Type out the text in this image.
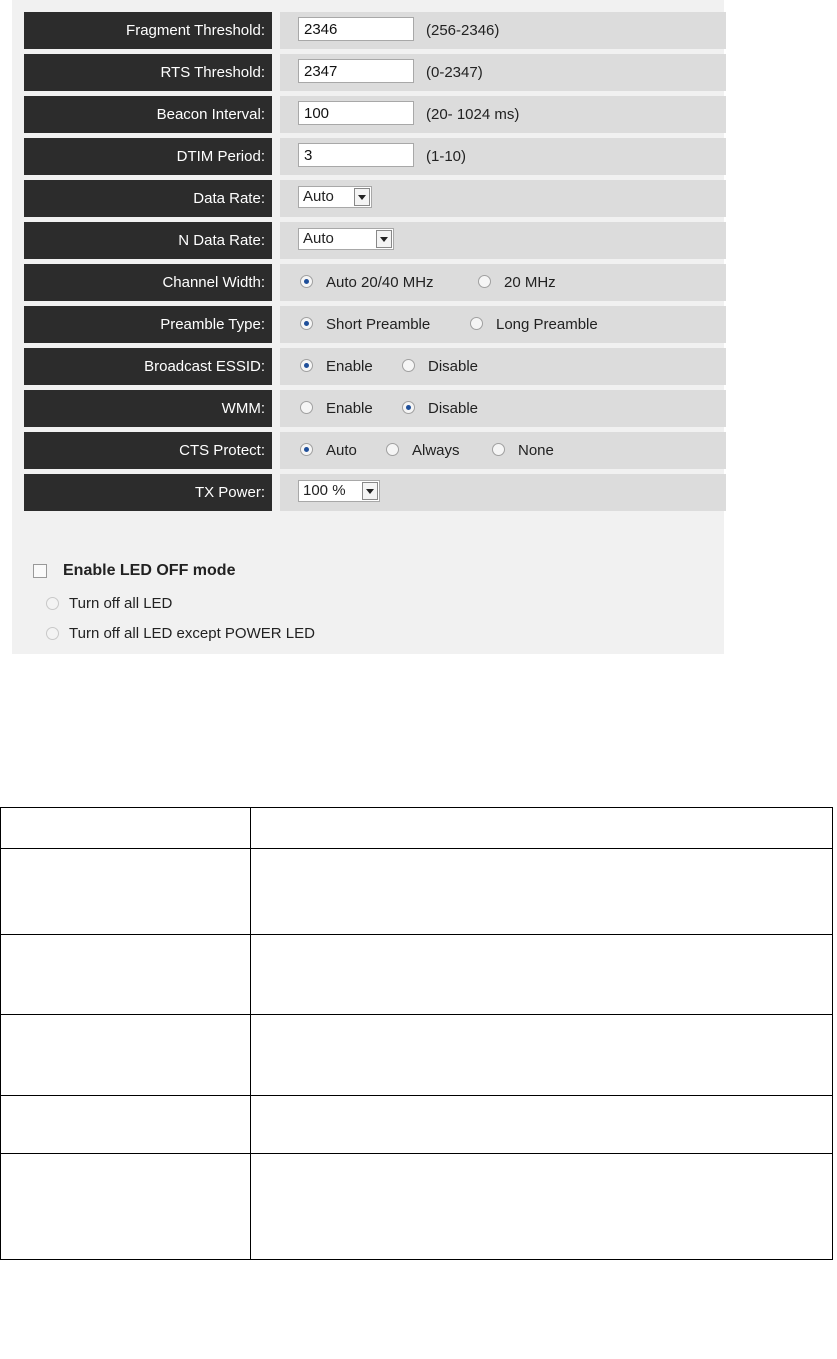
Fragment Threshold:
2346	(256-2346)
RTS Threshold:
2347	(0-2347)
Beacon Interval:
100	(20- 1024 ms)
DTIM Period:
3	(1-10)
Data Rate:	Auto
N Data Rate:	Auto
Channel Width:	Auto 20/40 MHz	20 MHz
Preamble Type:	Short Preamble	Long Preamble
Broadcast ESSID:	Enable	Disable
WMM:	Enable	Disable
CTS Protect:	Auto	Always	None
TX Power:	100 %
Enable LED OFF mode
Turn off all LED
Turn off all LED except POWER LED
